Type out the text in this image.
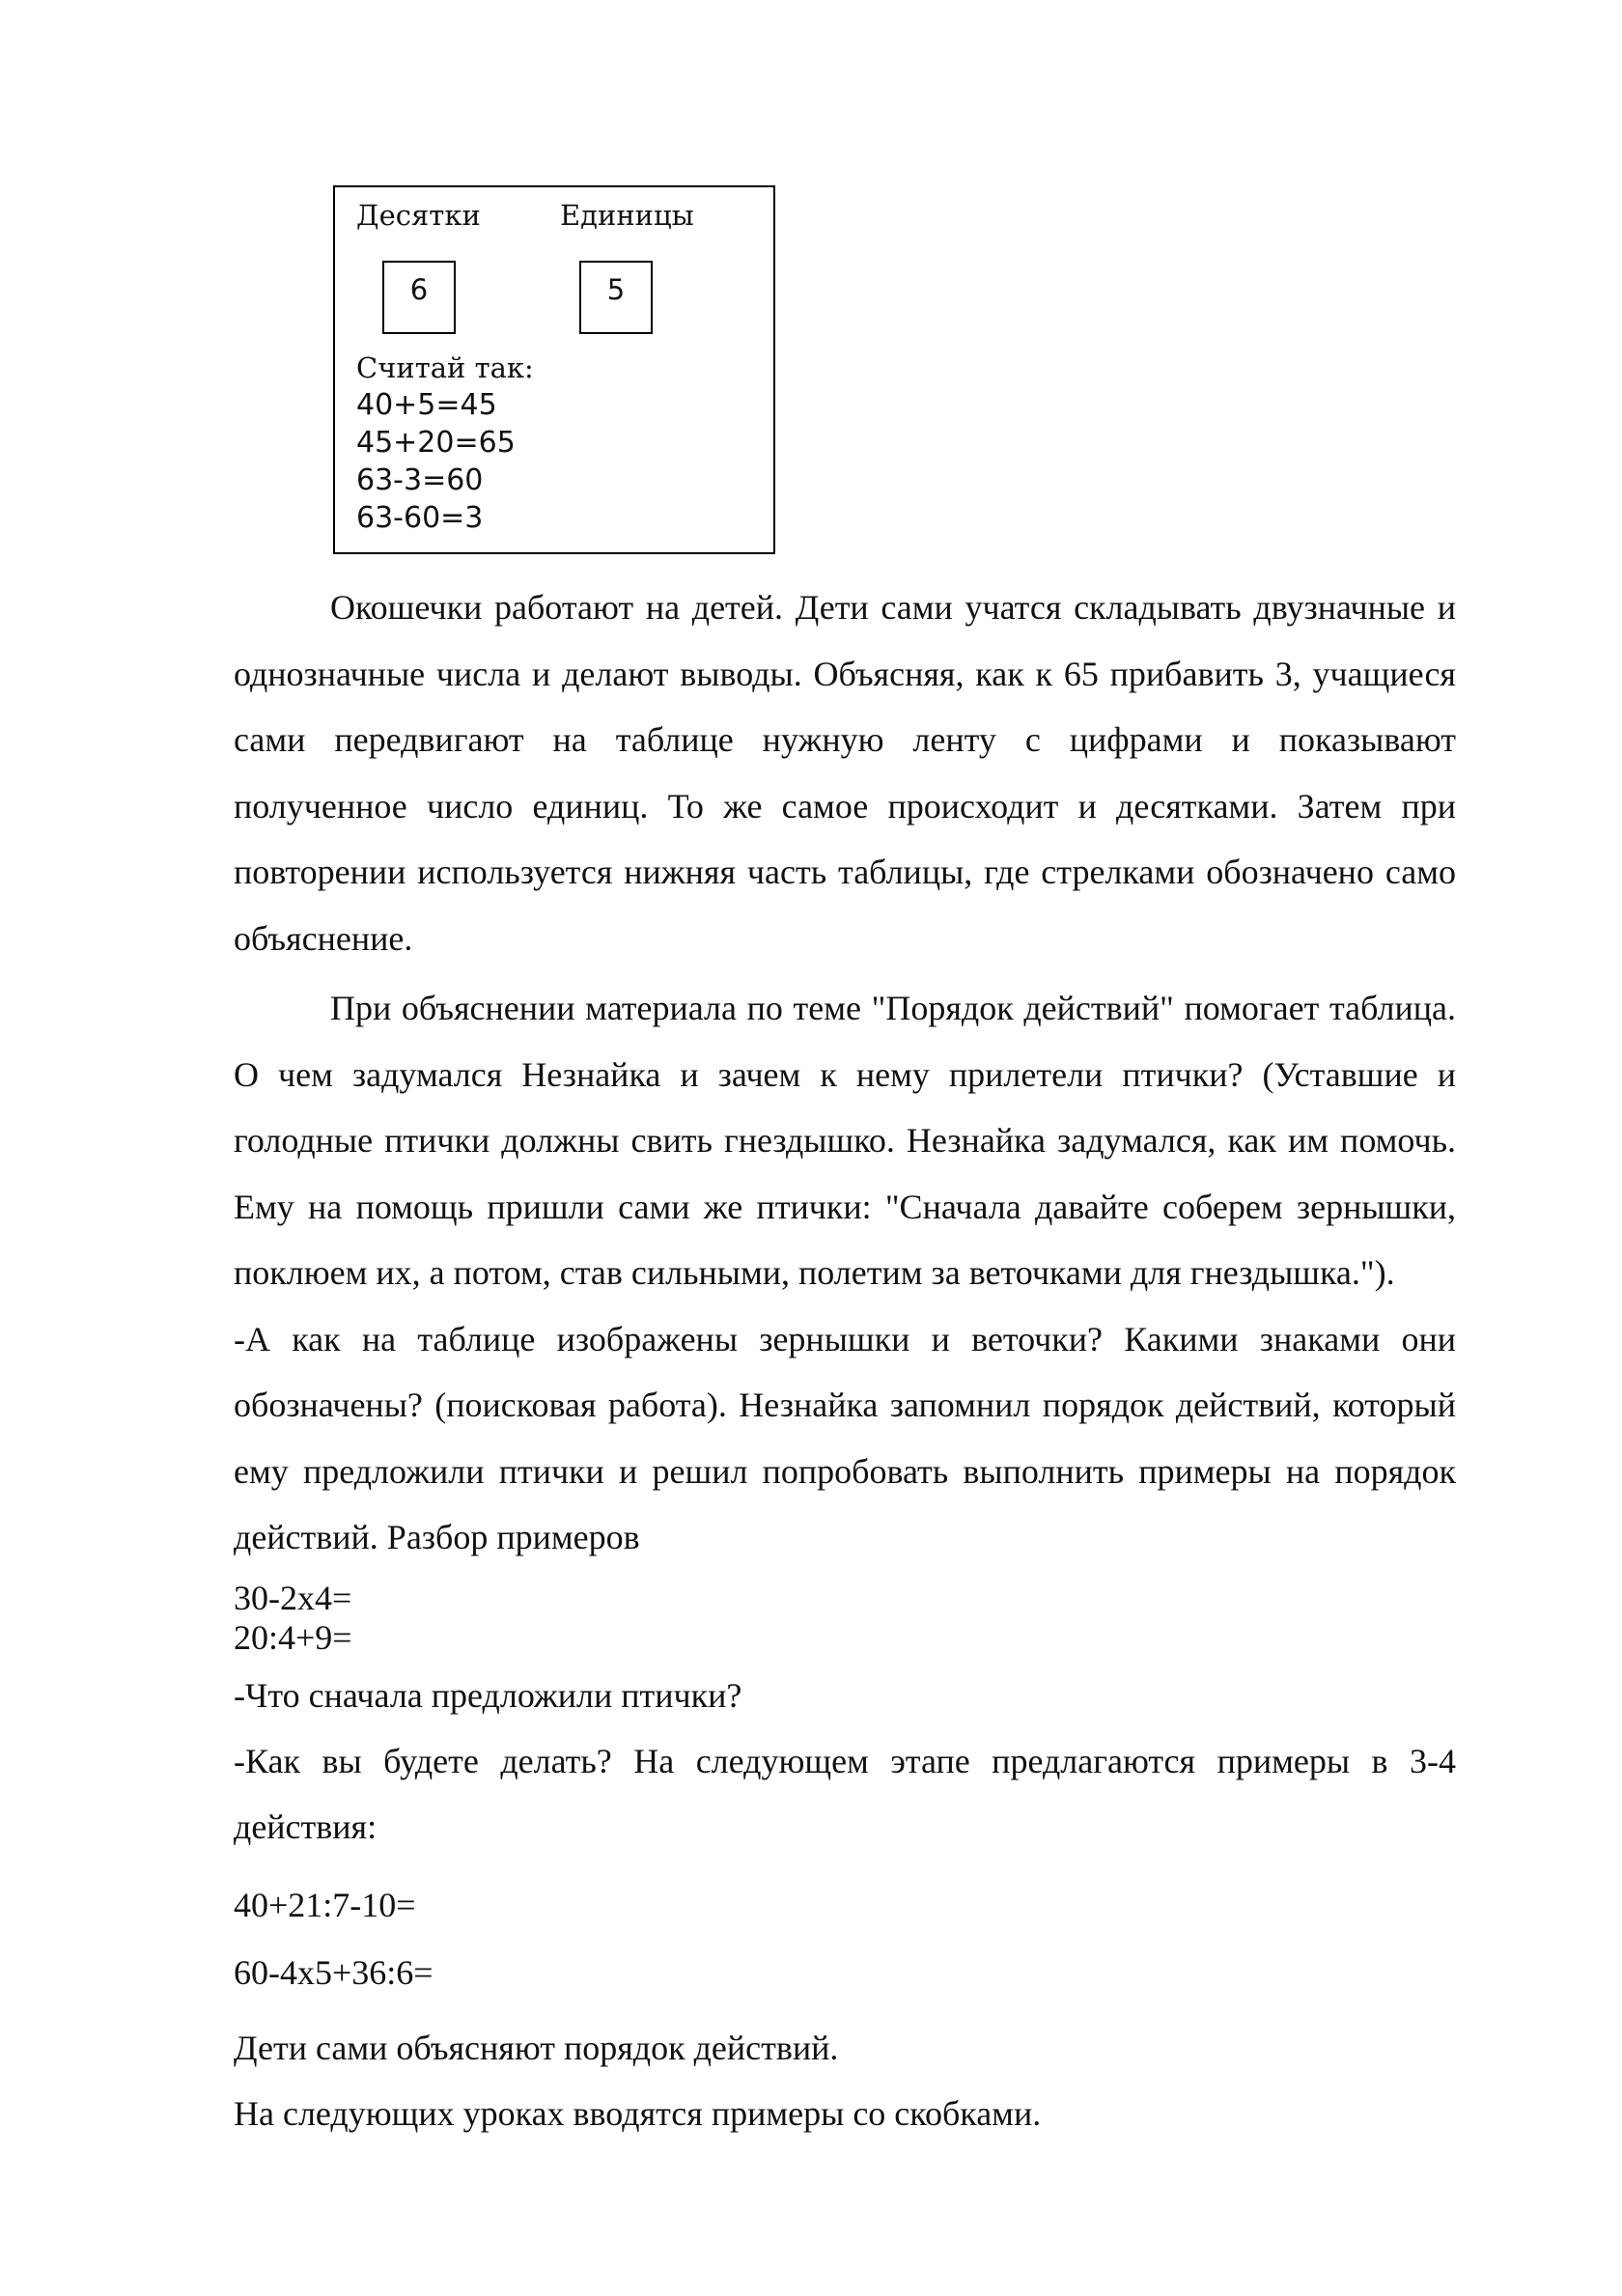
Десятки	Единицы
6	5
Считай так:
40+5=45
45+20=65
63-3=60
63-60=3

Окошечки работают на детей. Дети сами учатся складывать двузначные и однозначные числа и делают выводы. Объясняя, как к 65 прибавить 3, учащиеся сами передвигают на таблице нужную ленту с цифрами и показывают полученное число единиц. То же самое происходит и десятками. Затем при повторении используется нижняя часть таблицы, где стрелками обозначено само объяснение.

При объяснении материала по теме "Порядок действий" помогает таблица. О чем задумался Незнайка и зачем к нему прилетели птички? (Уставшие и голодные птички должны свить гнездышко. Незнайка задумался, как им помочь. Ему на помощь пришли сами же птички: "Сначала давайте соберем зернышки, поклюем их, а потом, став сильными, полетим за веточками для гнездышка.").

-А как на таблице изображены зернышки и веточки? Какими знаками они обозначены? (поисковая работа). Незнайка запомнил порядок действий, который ему предложили птички и решил попробовать выполнить примеры на порядок действий. Разбор примеров

30-2х4=

20:4+9=

-Что сначала предложили птички?

-Как вы будете делать? На следующем этапе предлагаются примеры в 3-4 действия:

40+21:7-10=

60-4х5+36:6=

Дети сами объясняют порядок действий.

На следующих уроках вводятся примеры со скобками.
